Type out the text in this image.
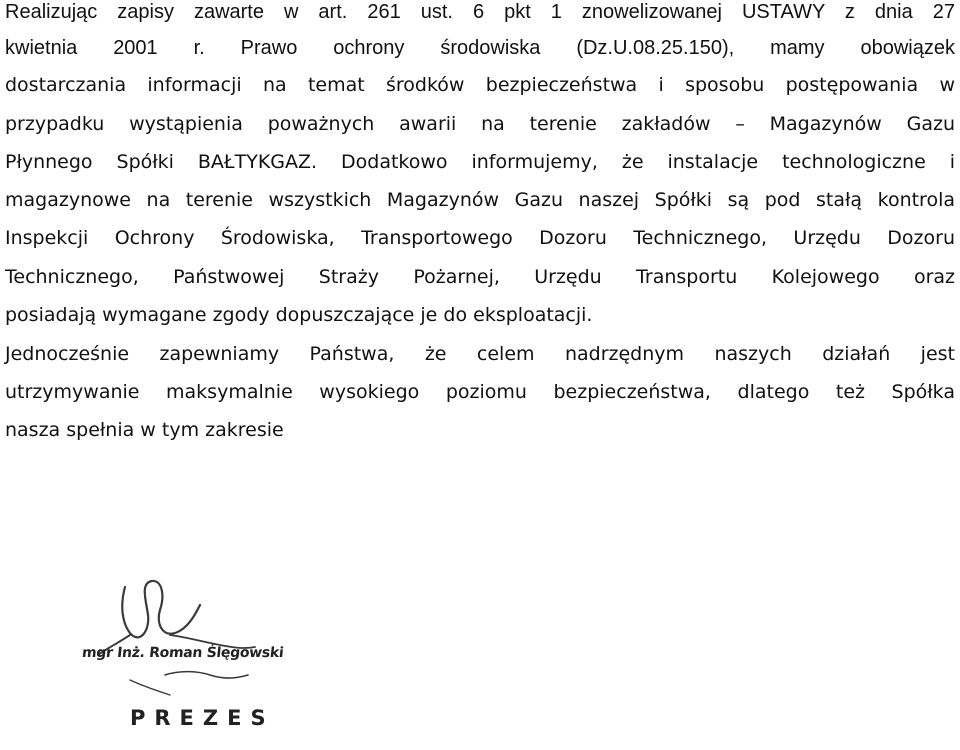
Realizując zapisy zawarte w art. 261 ust. 6 pkt 1 znowelizowanej USTAWY z dnia 27
kwietnia 2001 r. Prawo ochrony środowiska (Dz.U.08.25.150), mamy obowiązek
dostarczania informacji na temat środków bezpieczeństwa i sposobu postępowania w
przypadku wystąpienia poważnych awarii na terenie zakładów – Magazynów Gazu
Płynnego Spółki BAŁTYKGAZ. Dodatkowo informujemy, że instalacje technologiczne i
magazynowe na terenie wszystkich Magazynów Gazu naszej Spółki są pod stałą kontrola
Inspekcji Ochrony Środowiska, Transportowego Dozoru Technicznego, Urzędu Dozoru
Technicznego, Państwowej Straży Pożarnej, Urzędu Transportu Kolejowego oraz
posiadają wymagane zgody dopuszczające je do eksploatacji.
Jednocześnie zapewniamy Państwa, że celem nadrzędnym naszych działań jest
utrzymywanie maksymalnie wysokiego poziomu bezpieczeństwa, dlatego też Spółka
nasza spełnia w tym zakresie
mgr Inż. Roman Ślęgowski
PREZES
